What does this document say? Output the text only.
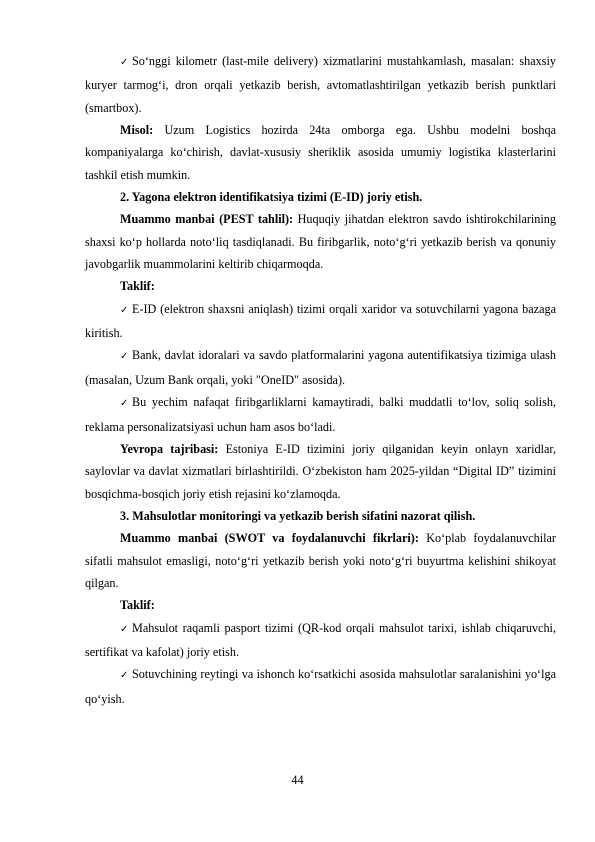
✓ So‘nggi kilometr (last-mile delivery) xizmatlarini mustahkamlash, masalan: shaxsiy kuryer tarmog‘i, dron orqali yetkazib berish, avtomatlashtirilgan yetkazib berish punktlari (smartbox).

Misol: Uzum Logistics hozirda 24ta omborga ega. Ushbu modelni boshqa kompaniyalarga ko‘chirish, davlat-xususiy sheriklik asosida umumiy logistika klasterlarini tashkil etish mumkin.

2. Yagona elektron identifikatsiya tizimi (E-ID) joriy etish.

Muammo manbai (PEST tahlil): Huquqiy jihatdan elektron savdo ishtirokchilarining shaxsi ko‘p hollarda noto‘liq tasdiqlanadi. Bu firibgarlik, noto‘g‘ri yetkazib berish va qonuniy javobgarlik muammolarini keltirib chiqarmoqda.

Taklif:

✓ E-ID (elektron shaxsni aniqlash) tizimi orqali xaridor va sotuvchilarni yagona bazaga kiritish.

✓ Bank, davlat idoralari va savdo platformalarini yagona autentifikatsiya tizimiga ulash (masalan, Uzum Bank orqali, yoki "OneID" asosida).

✓ Bu yechim nafaqat firibgarliklarni kamaytiradi, balki muddatli to‘lov, soliq solish, reklama personalizatsiyasi uchun ham asos bo‘ladi.

Yevropa tajribasi: Estoniya E-ID tizimini joriy qilganidan keyin onlayn xaridlar, saylovlar va davlat xizmatlari birlashtirildi. O‘zbekiston ham 2025-yildan “Digital ID” tizimini bosqichma-bosqich joriy etish rejasini ko‘zlamoqda.

3. Mahsulotlar monitoringi va yetkazib berish sifatini nazorat qilish.

Muammo manbai (SWOT va foydalanuvchi fikrlari): Ko‘plab foydalanuvchilar sifatli mahsulot emasligi, noto‘g‘ri yetkazib berish yoki noto‘g‘ri buyurtma kelishini shikoyat qilgan.

Taklif:

✓ Mahsulot raqamli pasport tizimi (QR-kod orqali mahsulot tarixi, ishlab chiqaruvchi, sertifikat va kafolat) joriy etish.

✓ Sotuvchining reytingi va ishonch ko‘rsatkichi asosida mahsulotlar saralanishini yo‘lga qo‘yish.

44
